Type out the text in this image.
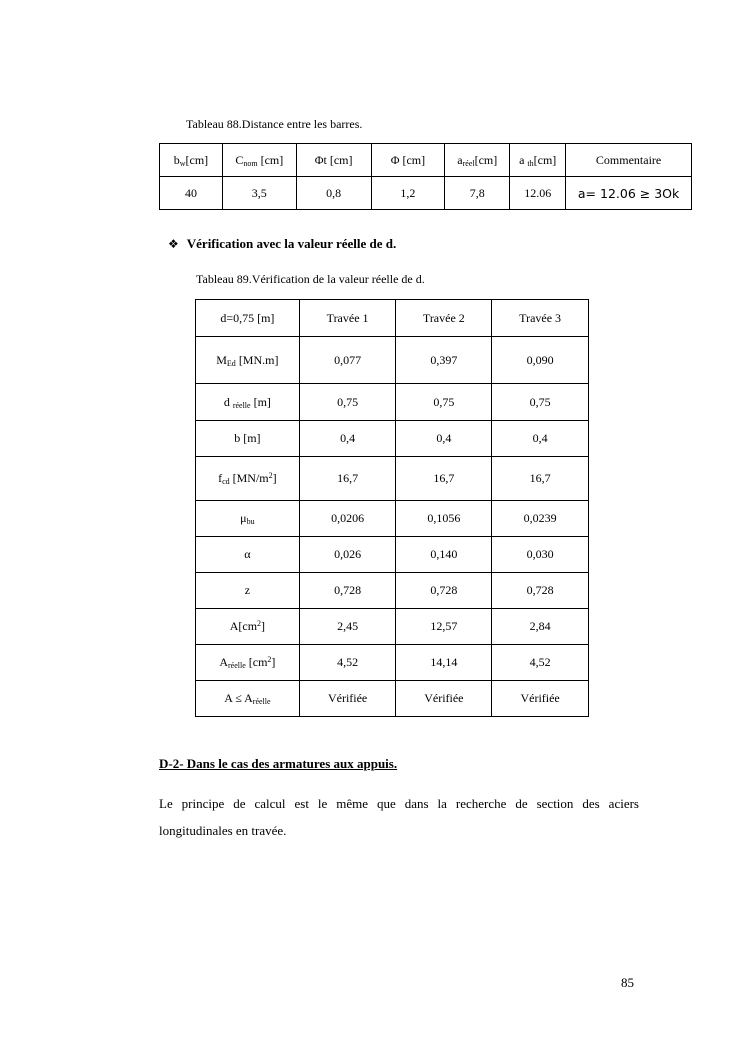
Tableau 88.Distance entre les barres.
$b_w[cm]$	$C_{nom}$ [cm]	Φt [cm]	Φ [cm]	$a_{réel}[cm]$	a $_{th}$[cm]	Commentaire
40	3,5	0,8	1,2	7,8	12.06	a= 12.06 ≥ 3Ok
❖ Vérification avec la valeur réelle de d.
Tableau 89.Vérification de la valeur réelle de d.
d=0,75 [m]	Travée 1	Travée 2	Travée 3
$M_{Ed}$ [MN.m]	0,077	0,397	0,090
d $_{réelle}$ [m]	0,75	0,75	0,75
b [m]	0,4	0,4	0,4
$f_{cd}$ $[MN/m^2]$	16,7	16,7	16,7
$\mu_{bu}$	0,0206	0,1056	0,0239
α	0,026	0,140	0,030
z	0,728	0,728	0,728
$A[cm^2]$	2,45	12,57	2,84
$A_{réelle}$ $[cm^2]$	4,52	14,14	4,52
$A \le A_{réelle}$	Vérifiée	Vérifiée	Vérifiée
D-2- Dans le cas des armatures aux appuis.
Le principe de calcul est le même que dans la recherche de section des aciers
longitudinales en travée.
85
